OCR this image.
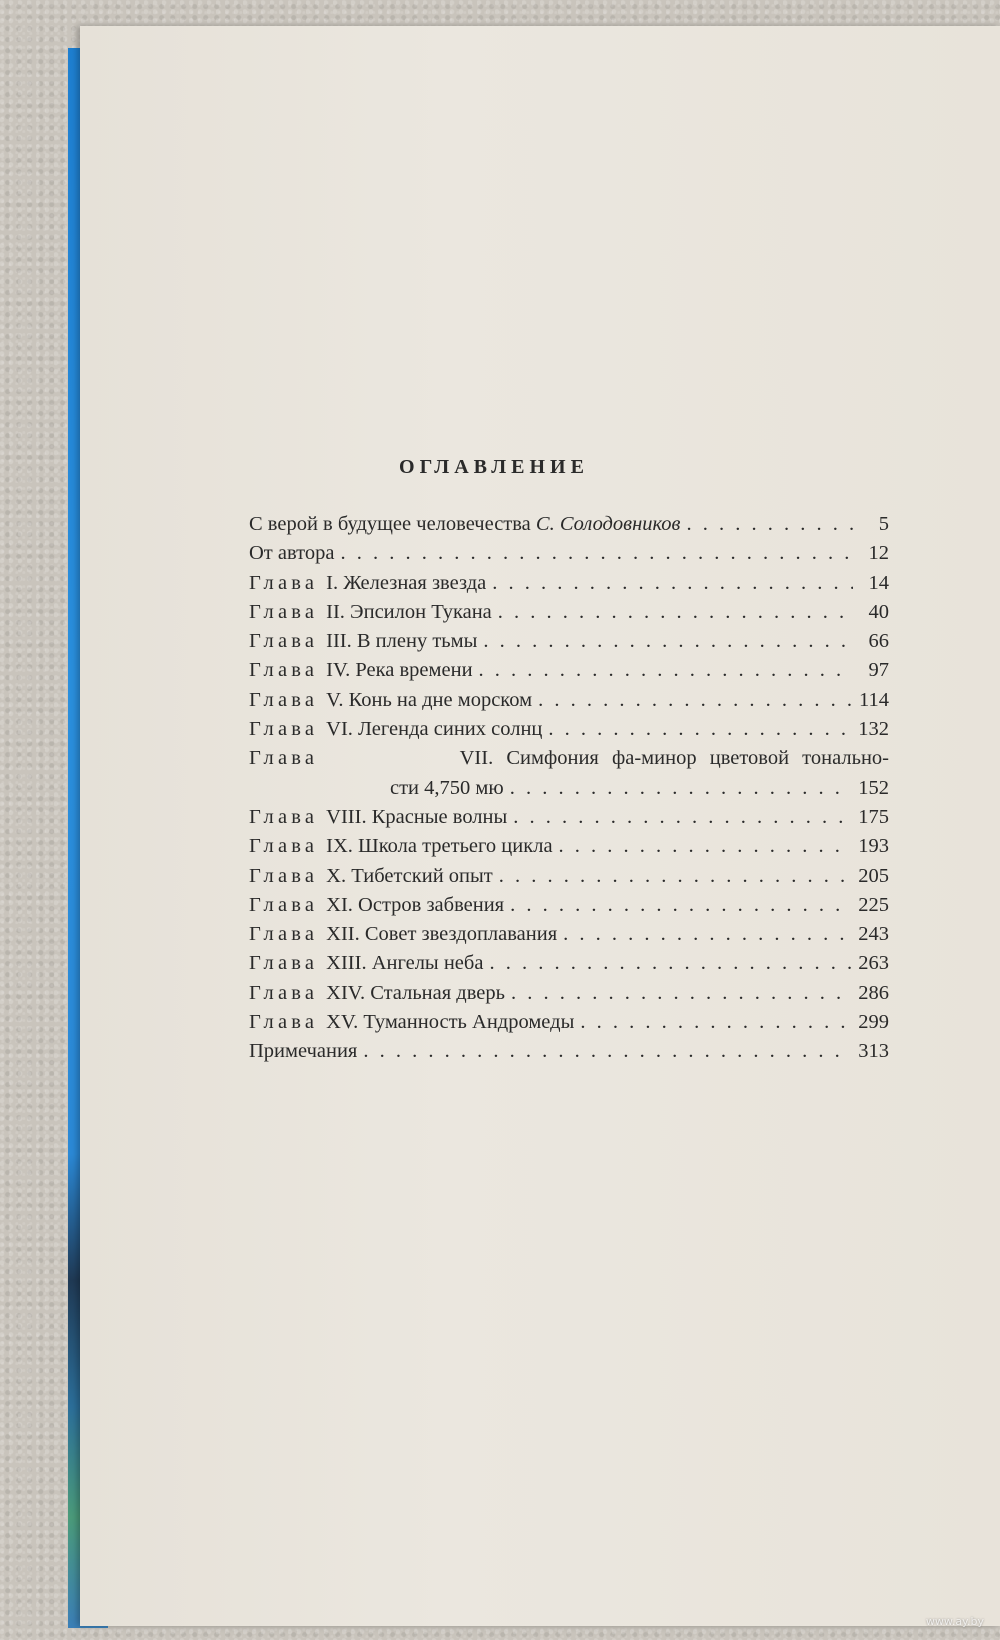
ОГЛАВЛЕНИЕ
С верой в будущее человечества С. Солодовников . . .	5
От автора . . .	12
Глава I. Железная звезда . . .	14
Глава II. Эпсилон Тукана . . .	40
Глава III. В плену тьмы . . .	66
Глава IV. Река времени . . .	97
Глава V. Конь на дне морском . . .	114
Глава VI. Легенда синих солнц . . .	132
Глава	VII. Симфония фа-минор цветовой тонально-
сти 4,750 мю . . .	152
Глава VIII. Красные волны . . .	175
Глава IX. Школа третьего цикла . . .	193
Глава X. Тибетский опыт . . .	205
Глава XI. Остров забвения . . .	225
Глава XII. Совет звездоплавания . . .	243
Глава XIII. Ангелы неба . . .	263
Глава XIV. Стальная дверь . . .	286
Глава XV. Туманность Андромеды . . .	299
Примечания . . .	313
www.ay.by
